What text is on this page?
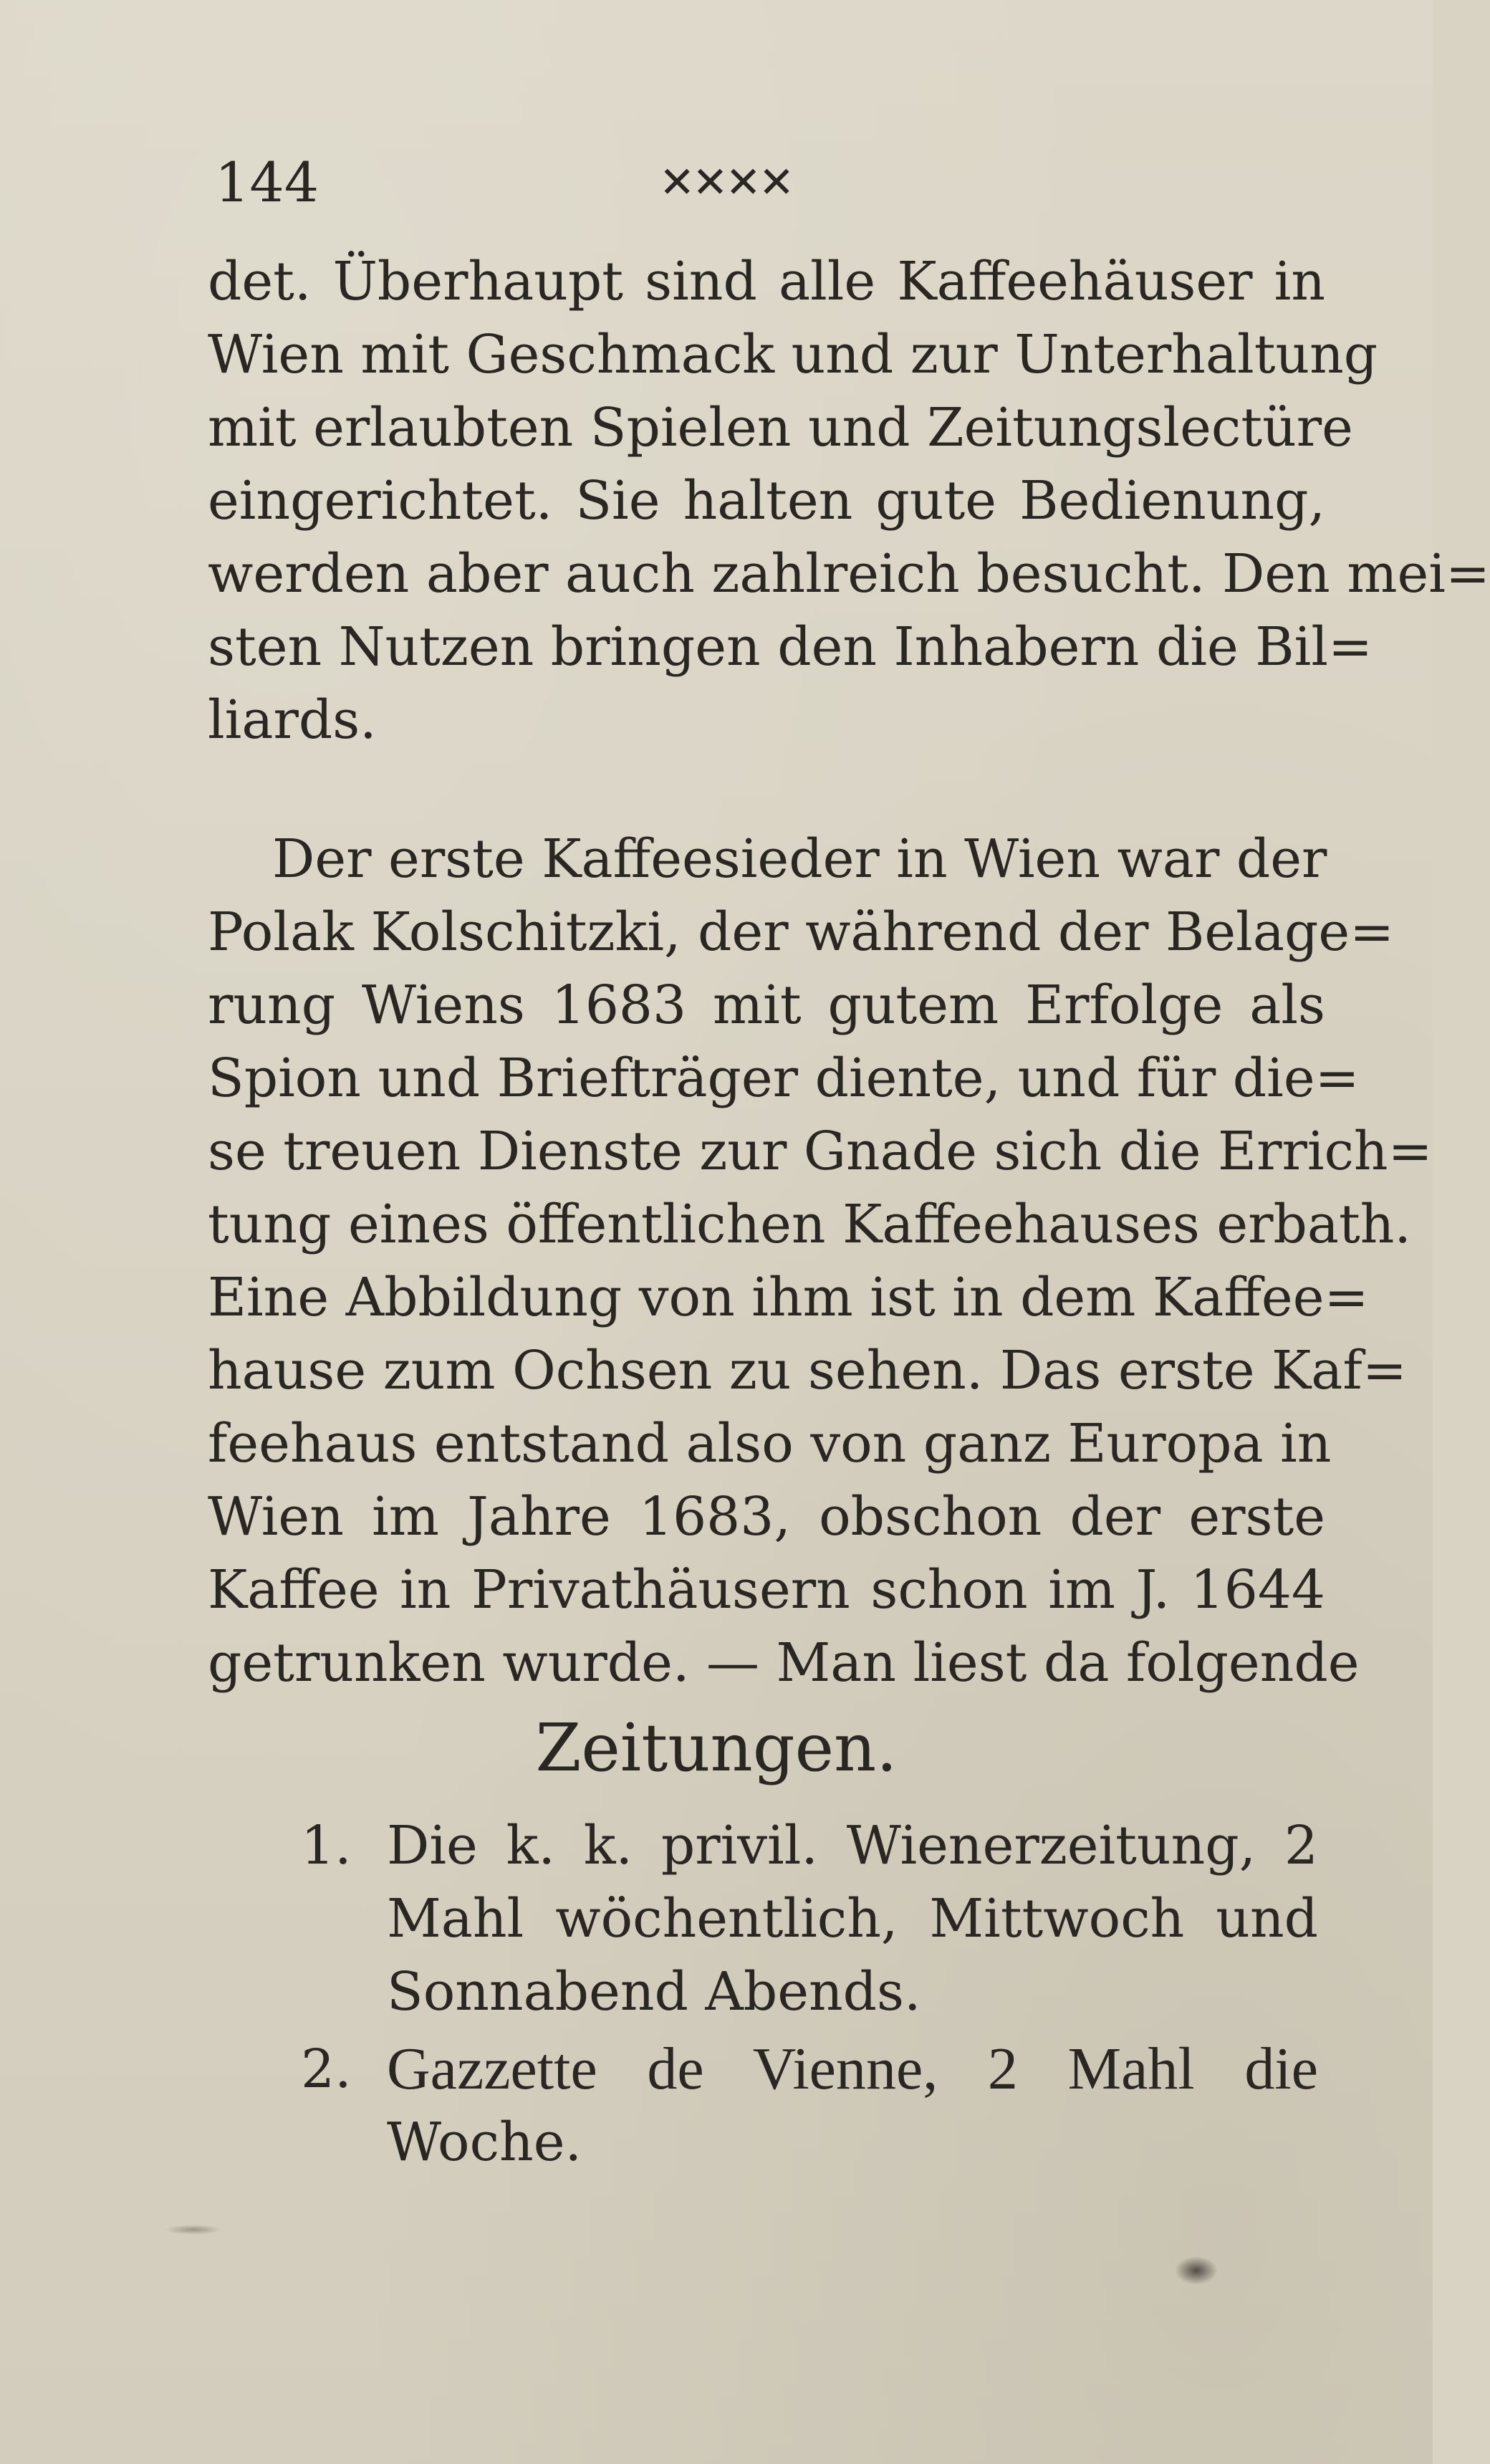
144	✕✕✕✕

det. Überhaupt sind alle Kaffeehäuser in
Wien mit Geschmack und zur Unterhaltung
mit erlaubten Spielen und Zeitungslectüre
eingerichtet. Sie halten gute Bedienung,
werden aber auch zahlreich besucht. Den mei=
sten Nutzen bringen den Inhabern die Bil=
liards.

Der erste Kaffeesieder in Wien war der
Polak Kolschitzki, der während der Belage=
rung Wiens 1683 mit gutem Erfolge als
Spion und Briefträger diente, und für die=
se treuen Dienste zur Gnade sich die Errich=
tung eines öffentlichen Kaffeehauses erbath.
Eine Abbildung von ihm ist in dem Kaffee=
hause zum Ochsen zu sehen. Das erste Kaf=
feehaus entstand also von ganz Europa in
Wien im Jahre 1683, obschon der erste
Kaffee in Privathäusern schon im J. 1644
getrunken wurde. — Man liest da folgende

Zeitungen.
1. Die k. k. privil. Wienerzeitung, 2
Mahl wöchentlich, Mittwoch und
Sonnabend Abends.
2. Gazzette de Vienne, 2 Mahl die
Woche.
